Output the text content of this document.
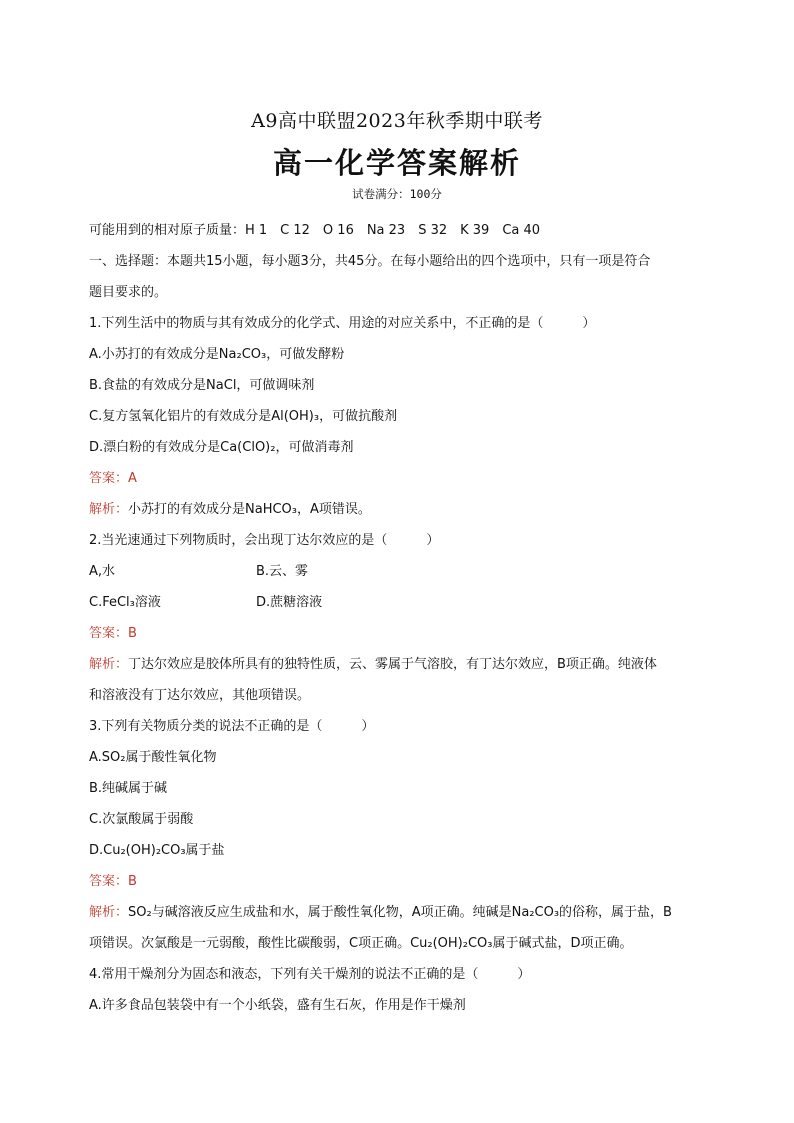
A9高中联盟2023年秋季期中联考
高一化学答案解析
试卷满分：100分
可能用到的相对原子质量：H 1　C 12　O 16　Na 23　S 32　K 39　Ca 40
一、选择题：本题共15小题，每小题3分，共45分。在每小题给出的四个选项中，只有一项是符合
题目要求的。
1.下列生活中的物质与其有效成分的化学式、用途的对应关系中，不正确的是（　　　）
A.小苏打的有效成分是Na₂CO₃，可做发酵粉
B.食盐的有效成分是NaCl，可做调味剂
C.复方氢氧化铝片的有效成分是Al(OH)₃，可做抗酸剂
D.漂白粉的有效成分是Ca(ClO)₂，可做消毒剂
答案：A
解析：小苏打的有效成分是NaHCO₃，A项错误。
2.当光速通过下列物质时，会出现丁达尔效应的是（　　　）
A,水	B.云、雾
C.FeCl₃溶液	D.蔗糖溶液
答案：B
解析：丁达尔效应是胶体所具有的独特性质，云、雾属于气溶胶，有丁达尔效应，B项正确。纯液体
和溶液没有丁达尔效应，其他项错误。
3.下列有关物质分类的说法不正确的是（　　　）
A.SO₂属于酸性氧化物
B.纯碱属于碱
C.次氯酸属于弱酸
D.Cu₂(OH)₂CO₃属于盐
答案：B
解析：SO₂与碱溶液反应生成盐和水，属于酸性氧化物，A项正确。纯碱是Na₂CO₃的俗称，属于盐，B
项错误。次氯酸是一元弱酸，酸性比碳酸弱，C项正确。Cu₂(OH)₂CO₃属于碱式盐，D项正确。
4.常用干燥剂分为固态和液态，下列有关干燥剂的说法不正确的是（　　　）
A.许多食品包装袋中有一个小纸袋，盛有生石灰，作用是作干燥剂
